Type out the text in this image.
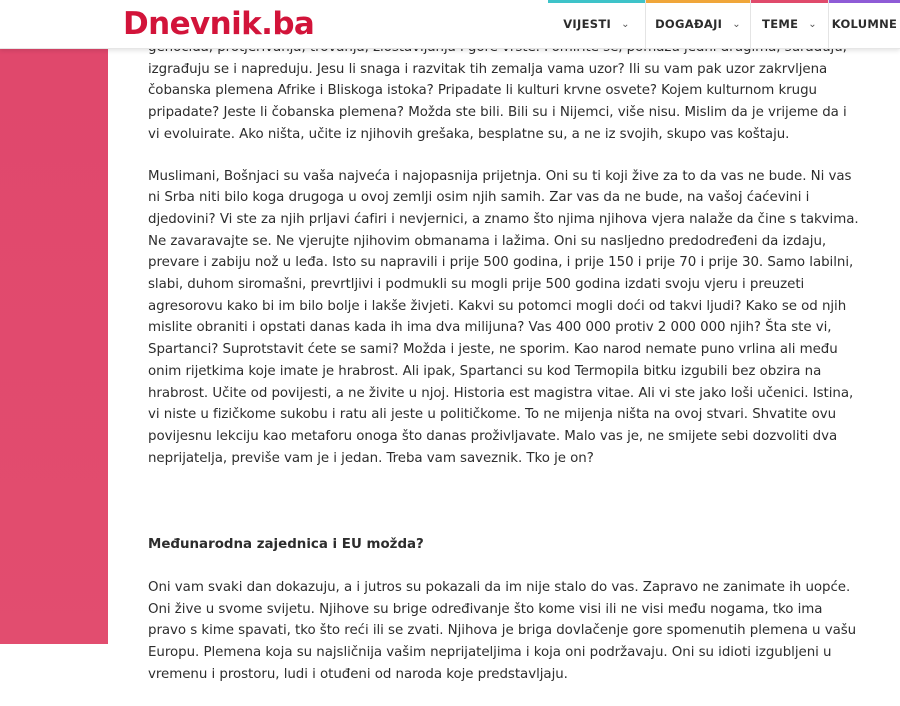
izgrađuju se i napreduju. Jesu li snaga i razvitak tih zemalja vama uzor? Ili su vam pak uzor zakrvljena čobanska plemena Afrike i Bliskoga istoka? Pripadate li kulturi krvne osvete? Kojem kulturnom krugu pripadate? Jeste li čobanska plemena? Možda ste bili. Bili su i Nijemci, više nisu. Mislim da je vrijeme da i vi evoluirate. Ako ništa, učite iz njihovih grešaka, besplatne su, a ne iz svojih, skupo vas koštaju.

Muslimani, Bošnjaci su vaša najveća i najopasnija prijetnja. Oni su ti koji žive za to da vas ne bude. Ni vas ni Srba niti bilo koga drugoga u ovoj zemlji osim njih samih. Zar vas da ne bude, na vašoj ćaćevini i djedovini? Vi ste za njih prljavi ćafiri i nevjernici, a znamo što njima njihova vjera nalaže da čine s takvima. Ne zavaravajte se. Ne vjerujte njihovim obmanama i lažima. Oni su nasljedno predodređeni da izdaju, prevare i zabiju nož u leđa. Isto su napravili i prije 500 godina, i prije 150 i prije 70 i prije 30. Samo labilni, slabi, duhom siromašni, prevrtljivi i podmukli su mogli prije 500 godina izdati svoju vjeru i preuzeti agresorovu kako bi im bilo bolje i lakše živjeti. Kakvi su potomci mogli doći od takvi ljudi? Kako se od njih mislite obraniti i opstati danas kada ih ima dva milijuna? Vas 400 000 protiv 2 000 000 njih? Šta ste vi, Spartanci? Suprotstavit ćete se sami? Možda i jeste, ne sporim. Kao narod nemate puno vrlina ali među onim rijetkima koje imate je hrabrost. Ali ipak, Spartanci su kod Termopila bitku izgubili bez obzira na hrabrost. Učite od povijesti, a ne živite u njoj. Historia est magistra vitae. Ali vi ste jako loši učenici. Istina, vi niste u fizičkome sukobu i ratu ali jeste u političkome. To ne mijenja ništa na ovoj stvari. Shvatite ovu povijesnu lekciju kao metaforu onoga što danas proživljavate. Malo vas je, ne smijete sebi dozvoliti dva neprijatelja, previše vam je i jedan. Treba vam saveznik. Tko je on?

Međunarodna zajednica i EU možda?

Oni vam svaki dan dokazuju, a i jutros su pokazali da im nije stalo do vas. Zapravo ne zanimate ih uopće. Oni žive u svome svijetu. Njihove su brige određivanje što kome visi ili ne visi među nogama, tko ima pravo s kime spavati, tko što reći ili se zvati. Njihova je briga dovlačenje gore spomenutih plemena u vašu Europu. Plemena koja su najsličnija vašim neprijateljima i koja oni podržavaju. Oni su idioti izgubljeni u vremenu i prostoru, ludi i otuđeni od naroda koje predstavljaju.

Dnevnik.ba	VIJESTI ⌄ DOGAĐAJI ⌄ TEME ⌄ KOLUMNE
